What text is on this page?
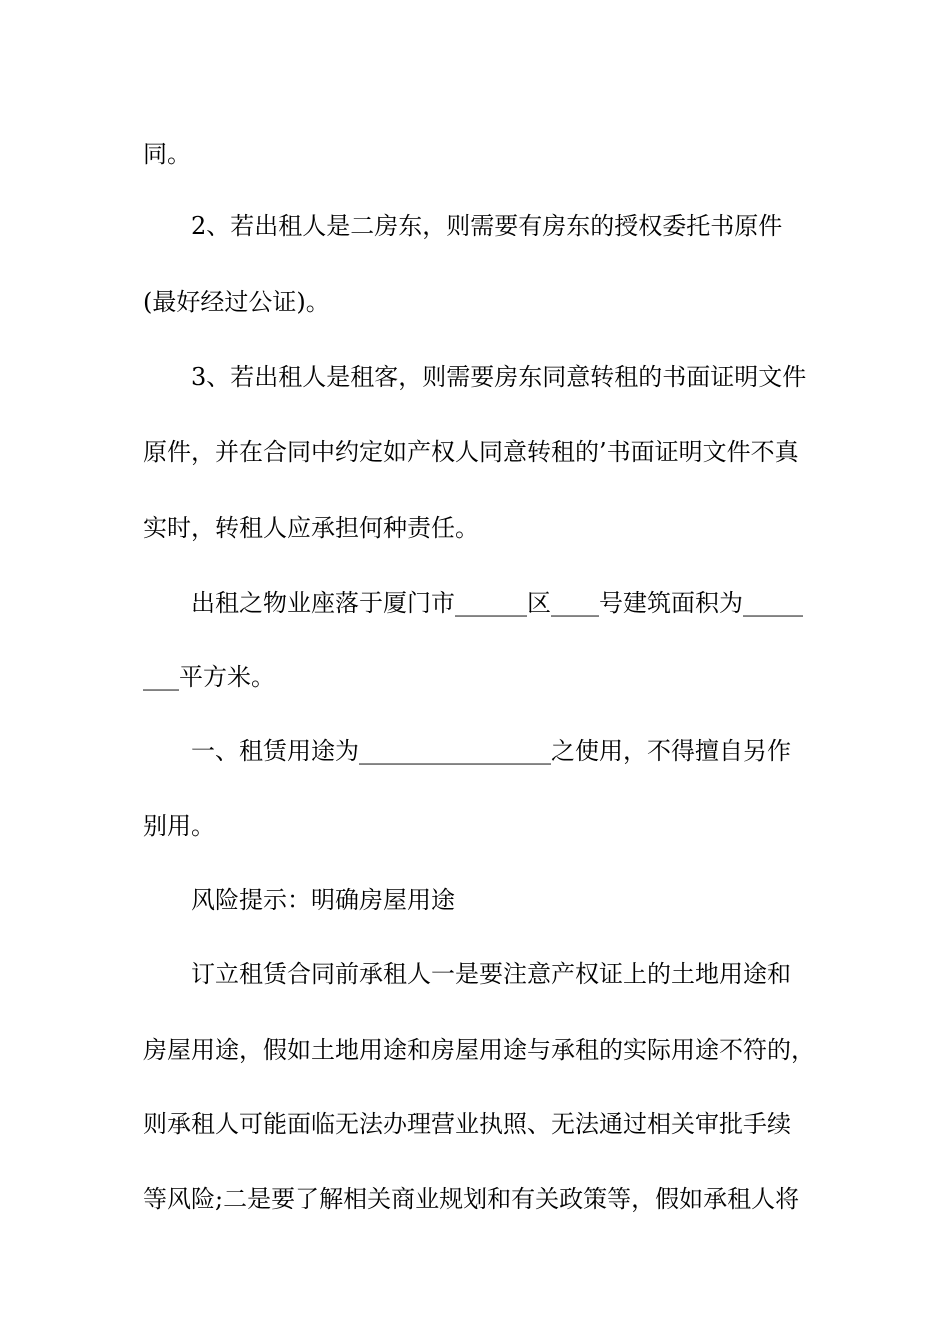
同。
2、若出租人是二房东，则需要有房东的授权委托书原件
(最好经过公证)。
3、若出租人是租客，则需要房东同意转租的书面证明文件
原件，并在合同中约定如产权人同意转租的’书面证明文件不真
实时，转租人应承担何种责任。
出租之物业座落于厦门市______区____号建筑面积为_____
___平方米。
一、租赁用途为________________之使用，不得擅自另作
别用。
风险提示：明确房屋用途
订立租赁合同前承租人一是要注意产权证上的土地用途和
房屋用途，假如土地用途和房屋用途与承租的实际用途不符的，
则承租人可能面临无法办理营业执照、无法通过相关审批手续
等风险;二是要了解相关商业规划和有关政策等，假如承租人将
